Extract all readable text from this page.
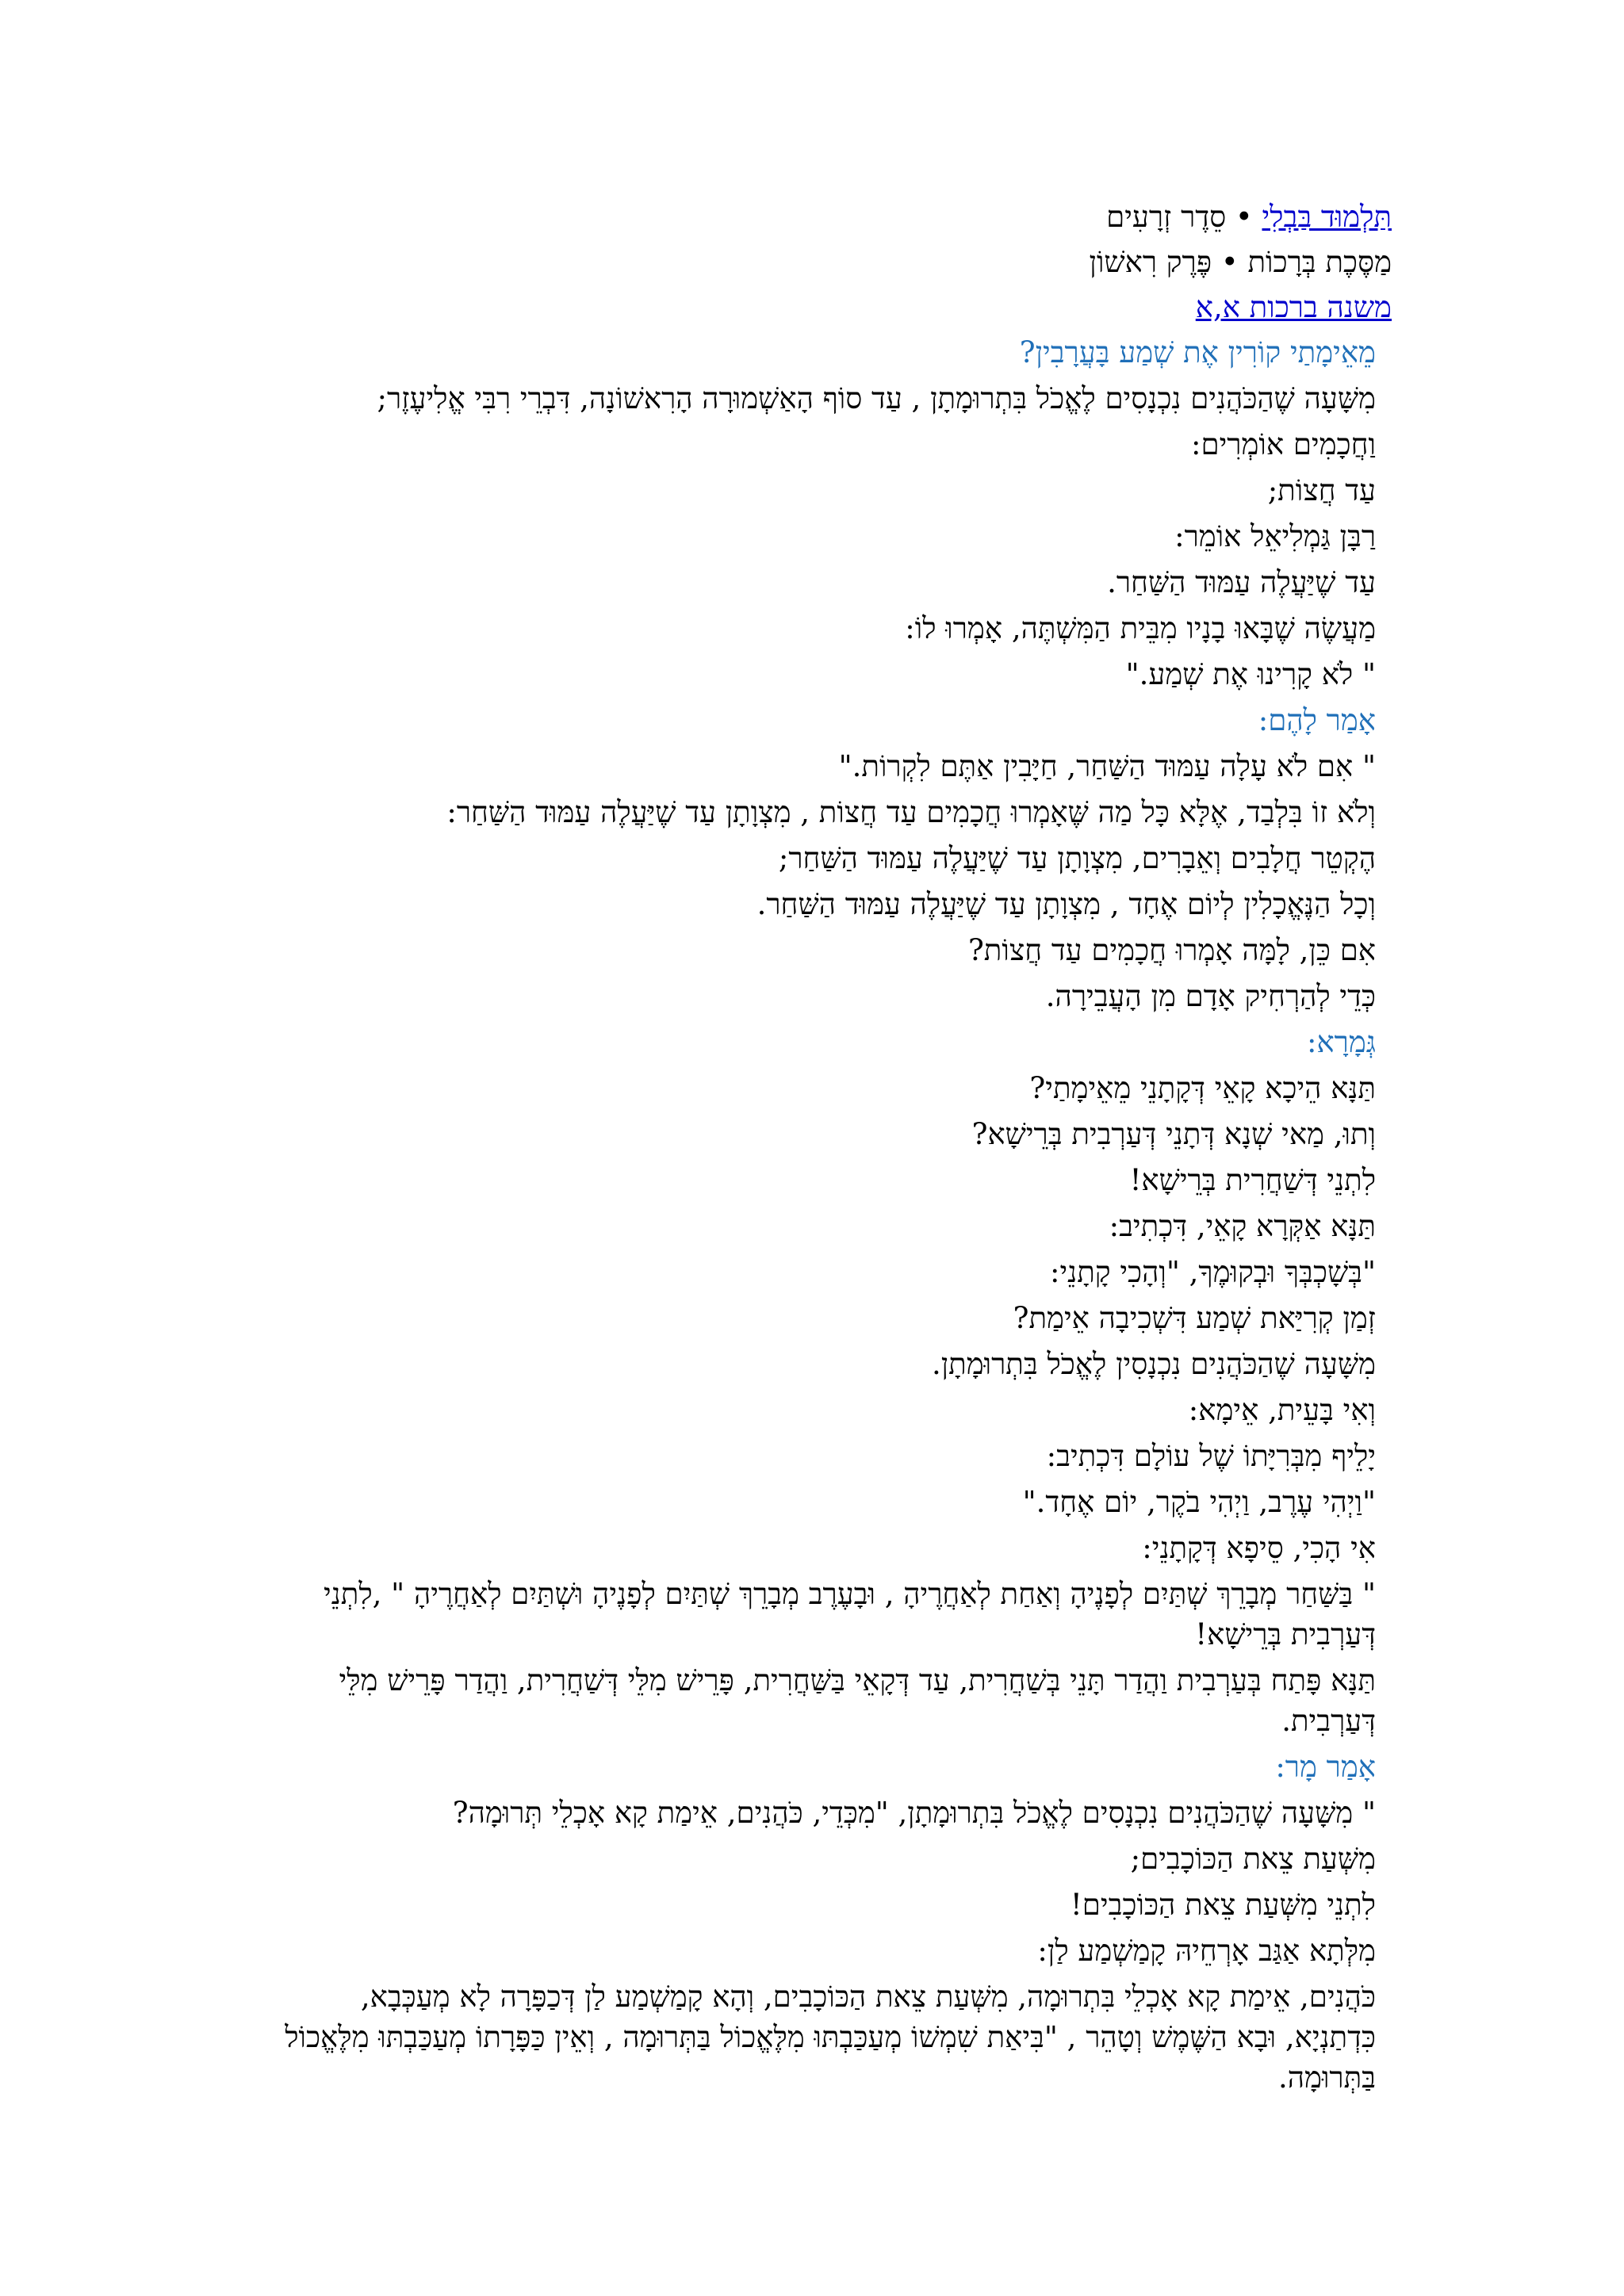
תַּלְמוּד בַּבְלִי • סֵדֶר זְרָעִים
מַסֶּכֶת בְּרָכוֹת • פֶּרֶק רִאשׁוֹן
משנה ברכות א,א
מֵאֵימָתַי קוֹרִין אֶת שְׁמַע בָּעֲרָבִין?
מִשָּׁעָה שֶׁהַכֹּהֲנִים נִכְנָסִים לֶאֱכֹל בִּתְרוּמָתָן , עַד סוֹף הָאַשְׁמוּרָה הָרִאשׁוֹנָה, דִּבְרֵי רִבִּי אֱלִיעֶזֶר;
וַחֲכָמִים אוֹמְרִים:
עַד חֲצוֹת;
רַבָּן גַּמְלִיאֵל אוֹמֵר:
עַד שֶׁיַּעֲלֶה עַמּוּד הַשַּׁחַר.
מַעֲשֶׂה שֶׁבָּאוּ בָנָיו מִבֵּית הַמִּשְׁתֶּה, אָמְרוּ לוֹ:
" לֹא קָרִינוּ אֶת שְׁמַע."
אָמַר לָהֶם:
" אִם לֹא עָלָה עַמּוּד הַשַּׁחַר, חַיָּבִין אַתֶּם לִקְרוֹת."
וְלֹא זוֹ בִּלְבַד, אֶלָּא כָּל מַה שֶּׁאָמְרוּ חֲכָמִים עַד חֲצוֹת , מִצְוָתָן עַד שֶׁיַּעֲלֶה עַמּוּד הַשַּׁחַר:
הֶקְטֵר חֲלָבִים וְאֵבָרִים, מִצְוָתָן עַד שֶׁיַּעֲלֶה עַמּוּד הַשַּׁחַר;
וְכָל הַנֶּאֱכָלִין לְיוֹם אֶחָד , מִצְוָתָן עַד שֶׁיַּעֲלֶה עַמּוּד הַשַּׁחַר.
אִם כֵּן, לָמָּה אָמְרוּ חֲכָמִים עַד חֲצוֹת?
כְּדֵי לְהַרְחִיק אָדָם מִן הָעֲבֵירָה.
גְּמָרָא:
תַּנָּא הֵיכָא קָאֵי דְּקָתָנֵי מֵאֵימָתַי?
וְתוּ, מַאי שְׁנָא דְּתָנֵי דְּעַרְבִית בְּרֵישָׁא?
לִתְנֵי דְּשַׁחֲרִית בְּרֵישָׁא!
תַּנָּא אַקְּרָא קָאֵי, דִּכְתִיב:
"בְּשָׁכְבְּךָ וּבְקוּמֶךָ, "וְהָכִי קָתָנֵי:
זְמַן קְרִיַּאת שְׁמַע דִּשְׁכִיבָה אֵימַת?
מִשָּׁעָה שֶׁהַכֹּהֲנִים נִכְנָסִין לֶאֱכֹל בִּתְרוּמָתָן.
וְאִי בָּעֵית, אֵימָא:
יָלֵיף מִבְּרִיָּתוֹ שֶׁל עוֹלָם דִּכְתִיב:
"וַיְהִי עֶרֶב, וַיְהִי בֹקֶר, יוֹם אֶחָד."
אִי הָכִי, סֵיפָא דְּקָתָנֵי:
" בַּשַּׁחַר מְבָרֵךְ שְׁתַּיִם לְפָנֶיהָ וְאַחַת לְאַחֲרֶיהָ , וּבָעֶרֶב מְבָרֵךְ שְׁתַּיִם לְפָנֶיהָ וּשְׁתַּיִם לְאַחֲרֶיהָ " ,לִתְנֵי דְּעַרְבִית בְּרֵישָׁא!
תַּנָּא פָּתַח בְּעַרְבִית וַהֲדַר תָּנֵי בְּשַׁחֲרִית, עַד דְּקָאֵי בַּשַּׁחֲרִית, פָּרֵישׁ מִלֵּי דְּשַׁחֲרִית, וַהֲדַר פָּרֵישׁ מִלֵּי דְּעַרְבִית.
אָמַר מָר:
" מִשָּׁעָה שֶׁהַכֹּהֲנִים נִכְנָסִים לֶאֱכֹל בִּתְרוּמָתָן, "מִכְּדֵי, כֹּהֲנִים, אֵימַת קָא אָכְלֵי תְּרוּמָה?
מִשְּׁעַת צֵאת הַכּוֹכָבִים;
לִתְנֵי מִשְּׁעַת צֵאת הַכּוֹכָבִים!
מִלְּתָא אַגַּב אָרְחֵיהּ קָמַשְׁמַע לַן:
כֹּהֲנִים, אֵימַת קָא אָכְלֵי בִּתְרוּמָה, מִשְּׁעַת צֵאת הַכּוֹכָבִים, וְהָא קָמַשְׁמַע לַן דְּכַפָּרָה לָא מְעַכְּבָא, כִּדְתַנְיָא, וּבָא הַשֶּׁמֶשׁ וְטָהֵר , "בִּיאַת שִׁמְשׁוֹ מְעַכַּבְתּוּ מִלֶּאֱכוֹל בַּתְּרוּמָה , וְאֵין כַּפָּרָתוֹ מְעַכַּבְתּוּ מִלֶּאֱכוֹל בַּתְּרוּמָה.
